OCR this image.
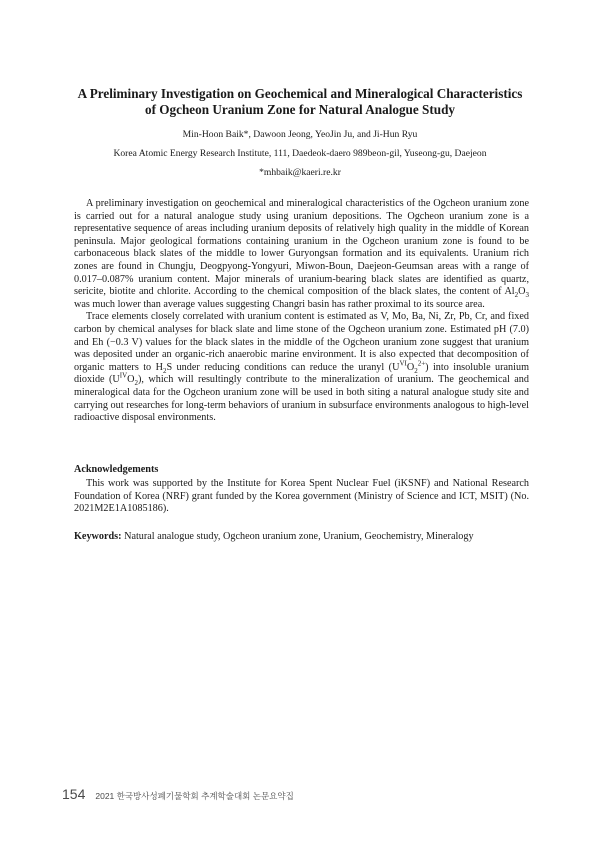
A Preliminary Investigation on Geochemical and Mineralogical Characteristics
of Ogcheon Uranium Zone for Natural Analogue Study
Min-Hoon Baik*, Dawoon Jeong, YeoJin Ju, and Ji-Hun Ryu
Korea Atomic Energy Research Institute, 111, Daedeok-daero 989beon-gil, Yuseong-gu, Daejeon
*mhbaik@kaeri.re.kr

A preliminary investigation on geochemical and mineralogical characteristics of the Ogcheon uranium zone is carried out for a natural analogue study using uranium depositions. The Ogcheon uranium zone is a representative sequence of areas including uranium deposits of relatively high quality in the middle of Korean peninsula. Major geological formations containing uranium in the Ogcheon uranium zone is found to be carbonaceous black slates of the middle to lower Guryongsan formation and its equivalents. Uranium rich zones are found in Chungju, Deogpyong-Yongyuri, Miwon-Boun, Daejeon-Geumsan areas with a range of 0.017–0.087% uranium content. Major minerals of uranium-bearing black slates are identified as quartz, sericite, biotite and chlorite. According to the chemical composition of the black slates, the content of $Al_2O_3$ was much lower than average values suggesting Changri basin has rather proximal to its source area.

Trace elements closely correlated with uranium content is estimated as V, Mo, Ba, Ni, Zr, Pb, Cr, and fixed carbon by chemical analyses for black slate and lime stone of the Ogcheon uranium zone. Estimated pH (7.0) and Eh (−0.3 V) values for the black slates in the middle of the Ogcheon uranium zone suggest that uranium was deposited under an organic-rich anaerobic marine environment. It is also expected that decomposition of organic matters to $H_2S$ under reducing conditions can reduce the uranyl $(U^{VI}O_2^{2+})$ into insoluble uranium dioxide $(U^{IV}O_2)$, which will resultingly contribute to the mineralization of uranium. The geochemical and mineralogical data for the Ogcheon uranium zone will be used in both siting a natural analogue study site and carrying out researches for long-term behaviors of uranium in subsurface environments analogous to high-level radioactive disposal environments.

Acknowledgements

This work was supported by the Institute for Korea Spent Nuclear Fuel (iKSNF) and National Research Foundation of Korea (NRF) grant funded by the Korea government (Ministry of Science and ICT, MSIT) (No. 2021M2E1A1085186).

Keywords: Natural analogue study, Ogcheon uranium zone, Uranium, Geochemistry, Mineralogy

154 2021 한국방사성폐기물학회 추계학술대회 논문요약집
